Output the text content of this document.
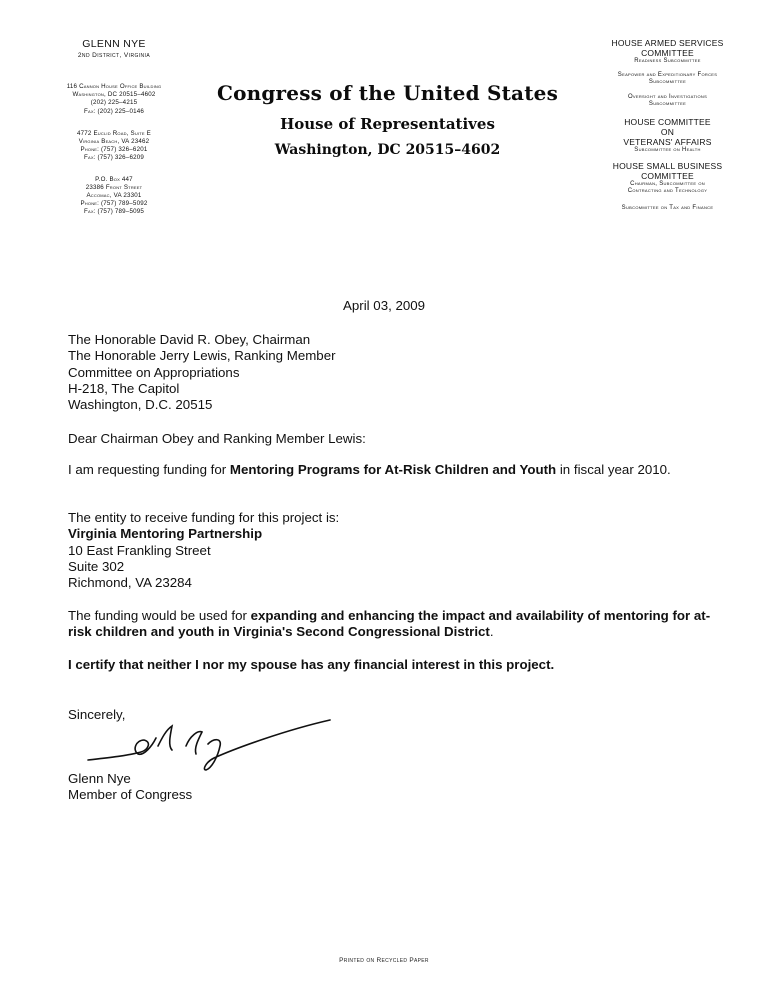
GLENN NYE
2nd District, Virginia
116 Cannon House Office Building
Washington, DC 20515–4602
(202) 225–4215
Fax: (202) 225–0146
4772 Euclid Road, Suite E
Virginia Beach, VA 23462
Phone: (757) 326–6201
Fax: (757) 326–6209
P.O. Box 447
23386 Front Street
Accomac, VA 23301
Phone: (757) 789–5092
Fax: (757) 789–5095
Congress of the United States
House of Representatives
Washington, DC 20515–4602
HOUSE ARMED SERVICES
COMMITTEE
Readiness Subcommittee
Seapower and Expeditionary Forces
Subcommittee
Oversight and Investigations
Subcommittee
HOUSE COMMITTEE
ON
VETERANS' AFFAIRS
Subcommittee on Health
HOUSE SMALL BUSINESS
COMMITTEE
Chairman, Subcommittee on
Contracting and Technology
Subcommittee on Tax and Finance
April 03, 2009
The Honorable David R. Obey, Chairman
The Honorable Jerry Lewis, Ranking Member
Committee on Appropriations
H-218, The Capitol
Washington, D.C. 20515
Dear Chairman Obey and Ranking Member Lewis:
I am requesting funding for Mentoring Programs for At-Risk Children and Youth in fiscal year 2010.
The entity to receive funding for this project is:
Virginia Mentoring Partnership
10 East Frankling Street
Suite 302
Richmond, VA 23284
The funding would be used for expanding and enhancing the impact and availability of mentoring for at-risk children and youth in Virginia's Second Congressional District.
I certify that neither I nor my spouse has any financial interest in this project.
Sincerely,
Glenn Nye
Member of Congress
Printed on Recycled Paper
